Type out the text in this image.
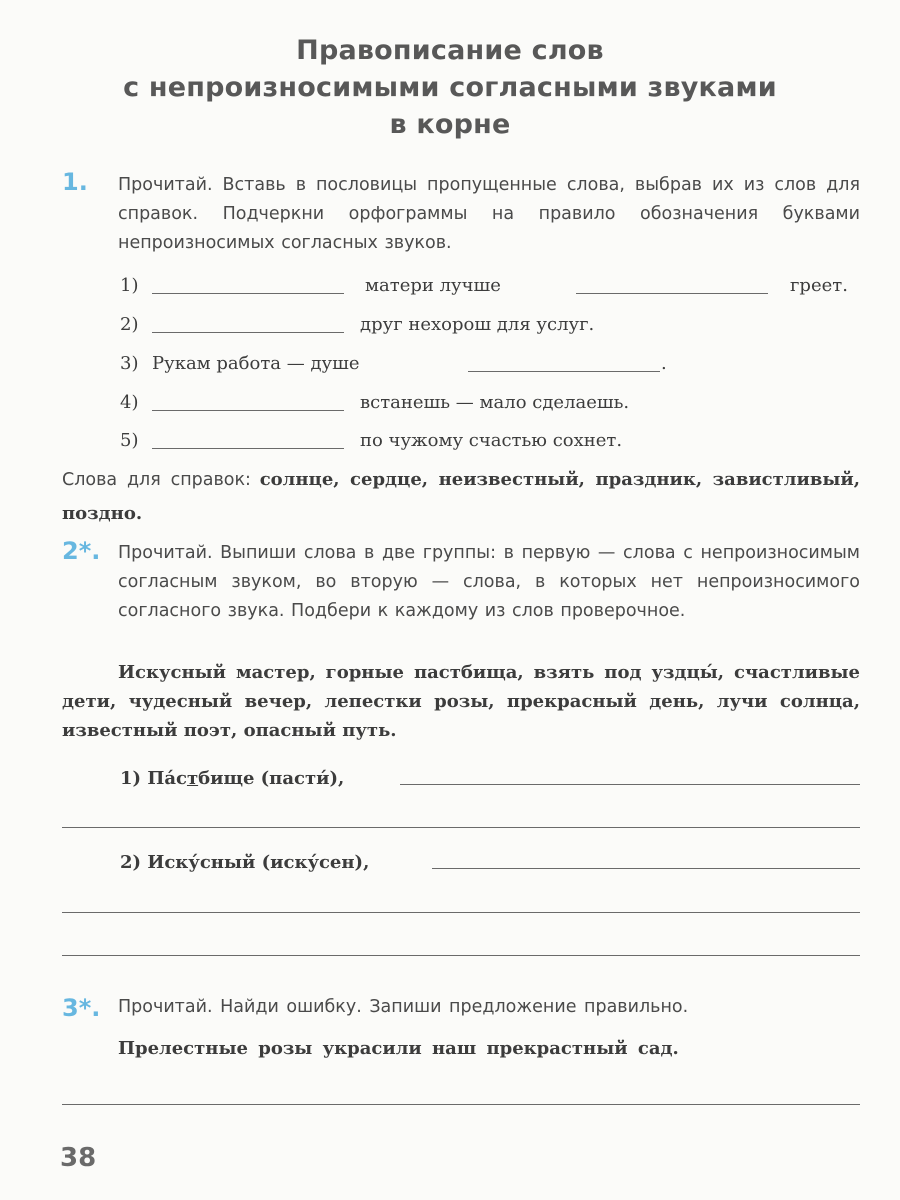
Правописание слов
с непроизносимыми согласными звуками
в корне
1. Прочитай. Вставь в пословицы пропущенные слова, выбрав их из слов для справок. Подчеркни орфограммы на правило обозначения буквами непроизносимых согласных звуков.
1)	матери лучше	греет.
2)	друг нехорош для услуг.
3) Рукам работа — душе	.
4)	встанешь — мало сделаешь.
5)	по чужому счастью сохнет.
Слова для справок: солнце, сердце, неизвестный, праздник, завистливый, поздно.
2*. Прочитай. Выпиши слова в две группы: в первую — слова с непроизносимым согласным звуком, во вторую — слова, в которых нет непроизносимого согласного звука. Подбери к каждому из слов проверочное.
Искусный мастер, горные пастбища, взять под уздцы́, счастливые дети, чудесный вечер, лепестки розы, прекрасный день, лучи солнца, известный поэт, опасный путь.
1) Па́стбище (пасти́),
2) Иску́сный (иску́сен),
3*. Прочитай. Найди ошибку. Запиши предложение правильно.
Прелестные розы украсили наш прекрастный сад.
38
